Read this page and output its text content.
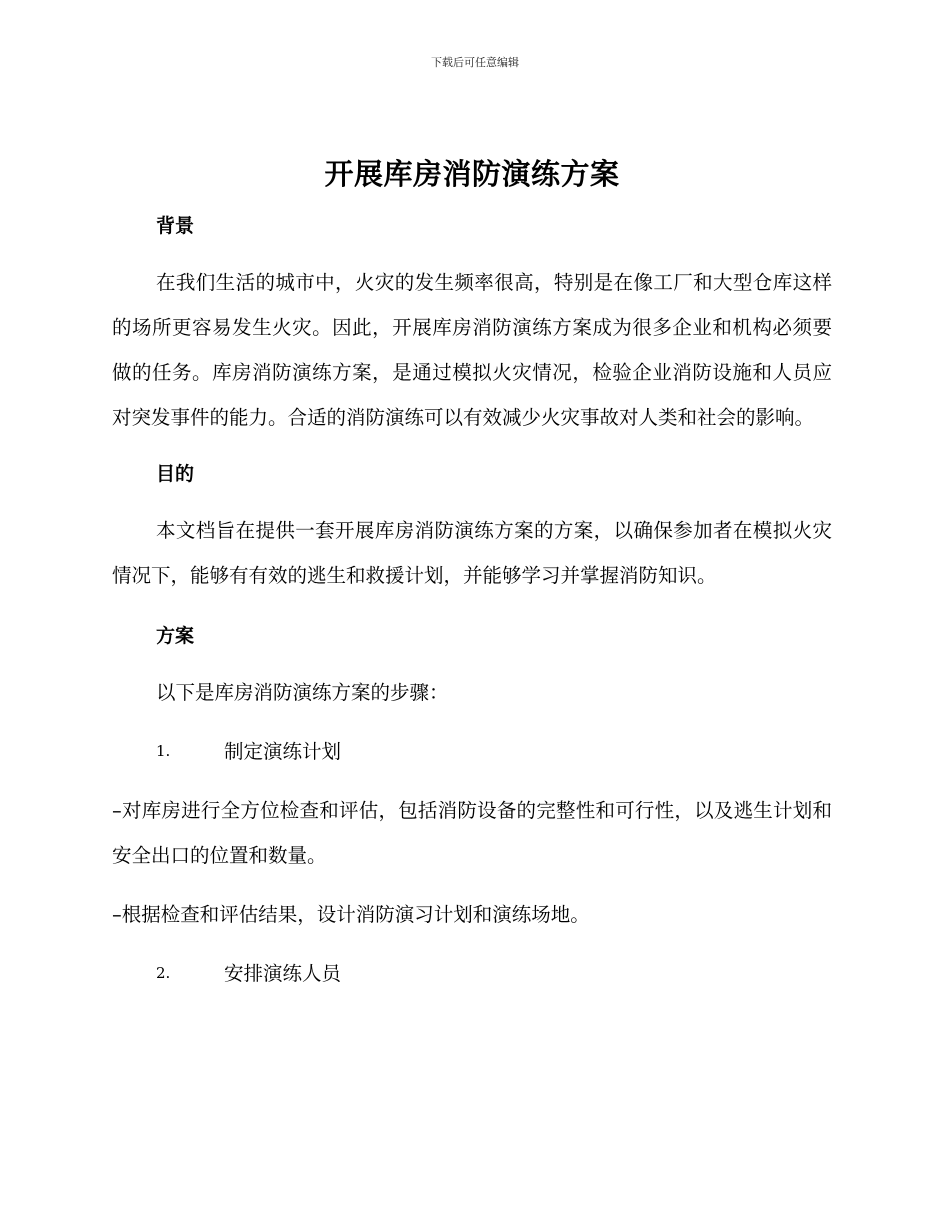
下载后可任意编辑
开展库房消防演练方案
背景

在我们生活的城市中，火灾的发生频率很高，特别是在像工厂和大型仓库这样的场所更容易发生火灾。因此，开展库房消防演练方案成为很多企业和机构必须要做的任务。库房消防演练方案，是通过模拟火灾情况，检验企业消防设施和人员应对突发事件的能力。合适的消防演练可以有效减少火灾事故对人类和社会的影响。

目的

本文档旨在提供一套开展库房消防演练方案的方案，以确保参加者在模拟火灾情况下，能够有有效的逃生和救援计划，并能够学习并掌握消防知识。

方案

以下是库房消防演练方案的步骤：

1.	制定演练计划

–对库房进行全方位检查和评估，包括消防设备的完整性和可行性，以及逃生计划和安全出口的位置和数量。

–根据检查和评估结果，设计消防演习计划和演练场地。

2.	安排演练人员
